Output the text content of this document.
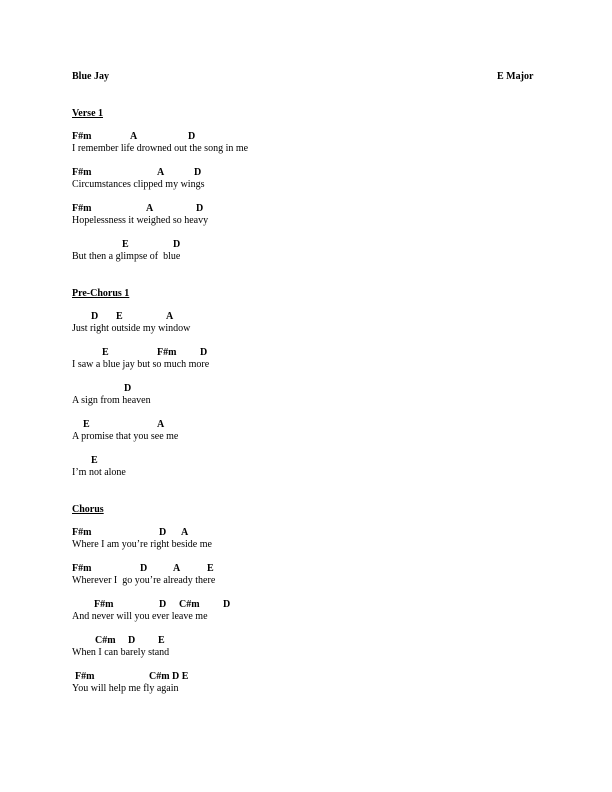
Blue Jay	E Major
Verse 1
F#m	A	D
I remember life drowned out the song in me
F#m	A	D
Circumstances clipped my wings
F#m	A	D
Hopelessness it weighed so heavy
E	D
But then a glimpse of  blue
Pre-Chorus 1
D E	A
Just right outside my window
E	F#m D
I saw a blue jay but so much more
D
A sign from heaven
E	A
A promise that you see me
E
I’m not alone
Chorus
F#m	D A
Where I am you’re right beside me
F#m	D	A	E
Wherever I  go you’re already there
F#m	D C#m D
And never will you ever leave me
C#m D E
When I can barely stand
F#m	C#m D E
You will help me fly again
